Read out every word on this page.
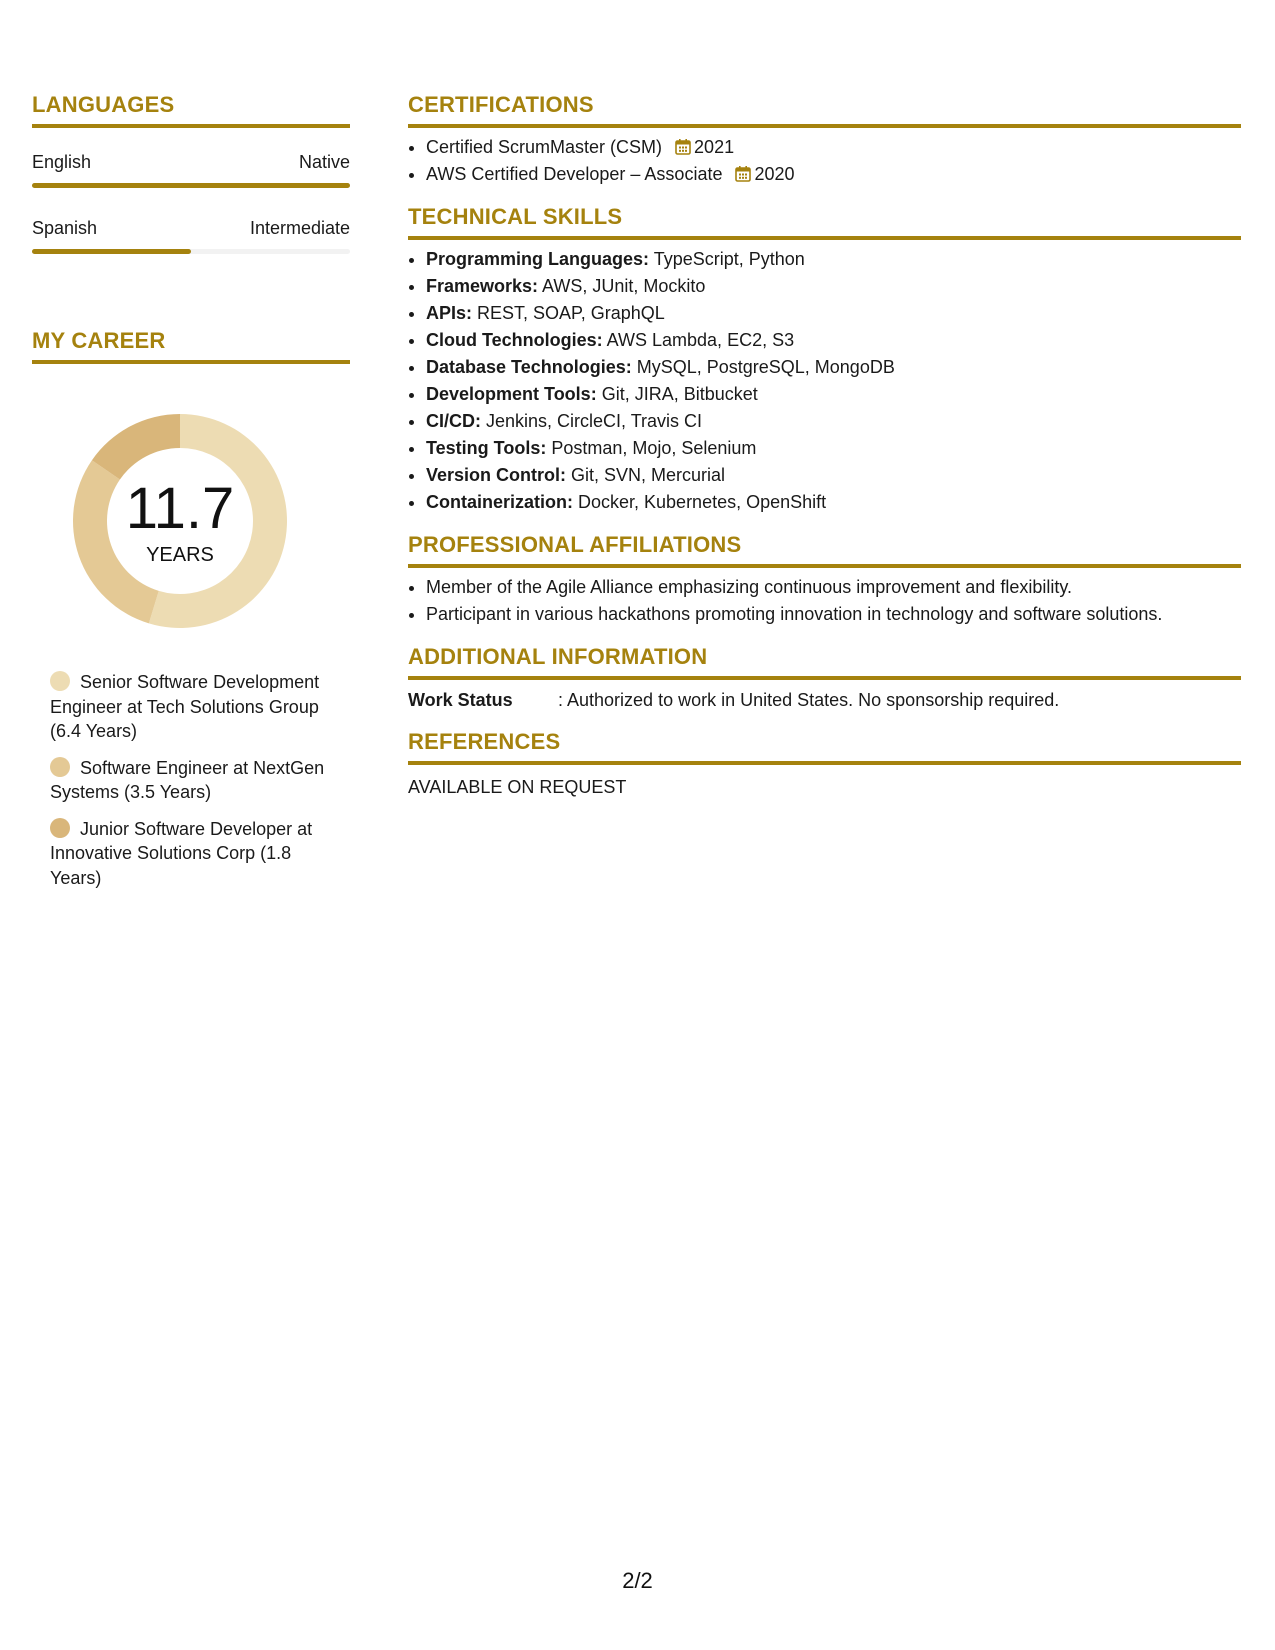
LANGUAGES
English	Native
Spanish	Intermediate
MY CAREER
11.7
YEARS
Senior Software Development Engineer at Tech Solutions Group (6.4 Years)
Software Engineer at NextGen Systems (3.5 Years)
Junior Software Developer at Innovative Solutions Corp (1.8 Years)
CERTIFICATIONS
• Certified ScrumMaster (CSM) 2021
• AWS Certified Developer – Associate 2020
TECHNICAL SKILLS
• Programming Languages: TypeScript, Python
• Frameworks: AWS, JUnit, Mockito
• APIs: REST, SOAP, GraphQL
• Cloud Technologies: AWS Lambda, EC2, S3
• Database Technologies: MySQL, PostgreSQL, MongoDB
• Development Tools: Git, JIRA, Bitbucket
• CI/CD: Jenkins, CircleCI, Travis CI
• Testing Tools: Postman, Mojo, Selenium
• Version Control: Git, SVN, Mercurial
• Containerization: Docker, Kubernetes, OpenShift
PROFESSIONAL AFFILIATIONS
• Member of the Agile Alliance emphasizing continuous improvement and flexibility.
• Participant in various hackathons promoting innovation in technology and software solutions.
ADDITIONAL INFORMATION
Work Status	: Authorized to work in United States. No sponsorship required.
REFERENCES
AVAILABLE ON REQUEST
2/2
